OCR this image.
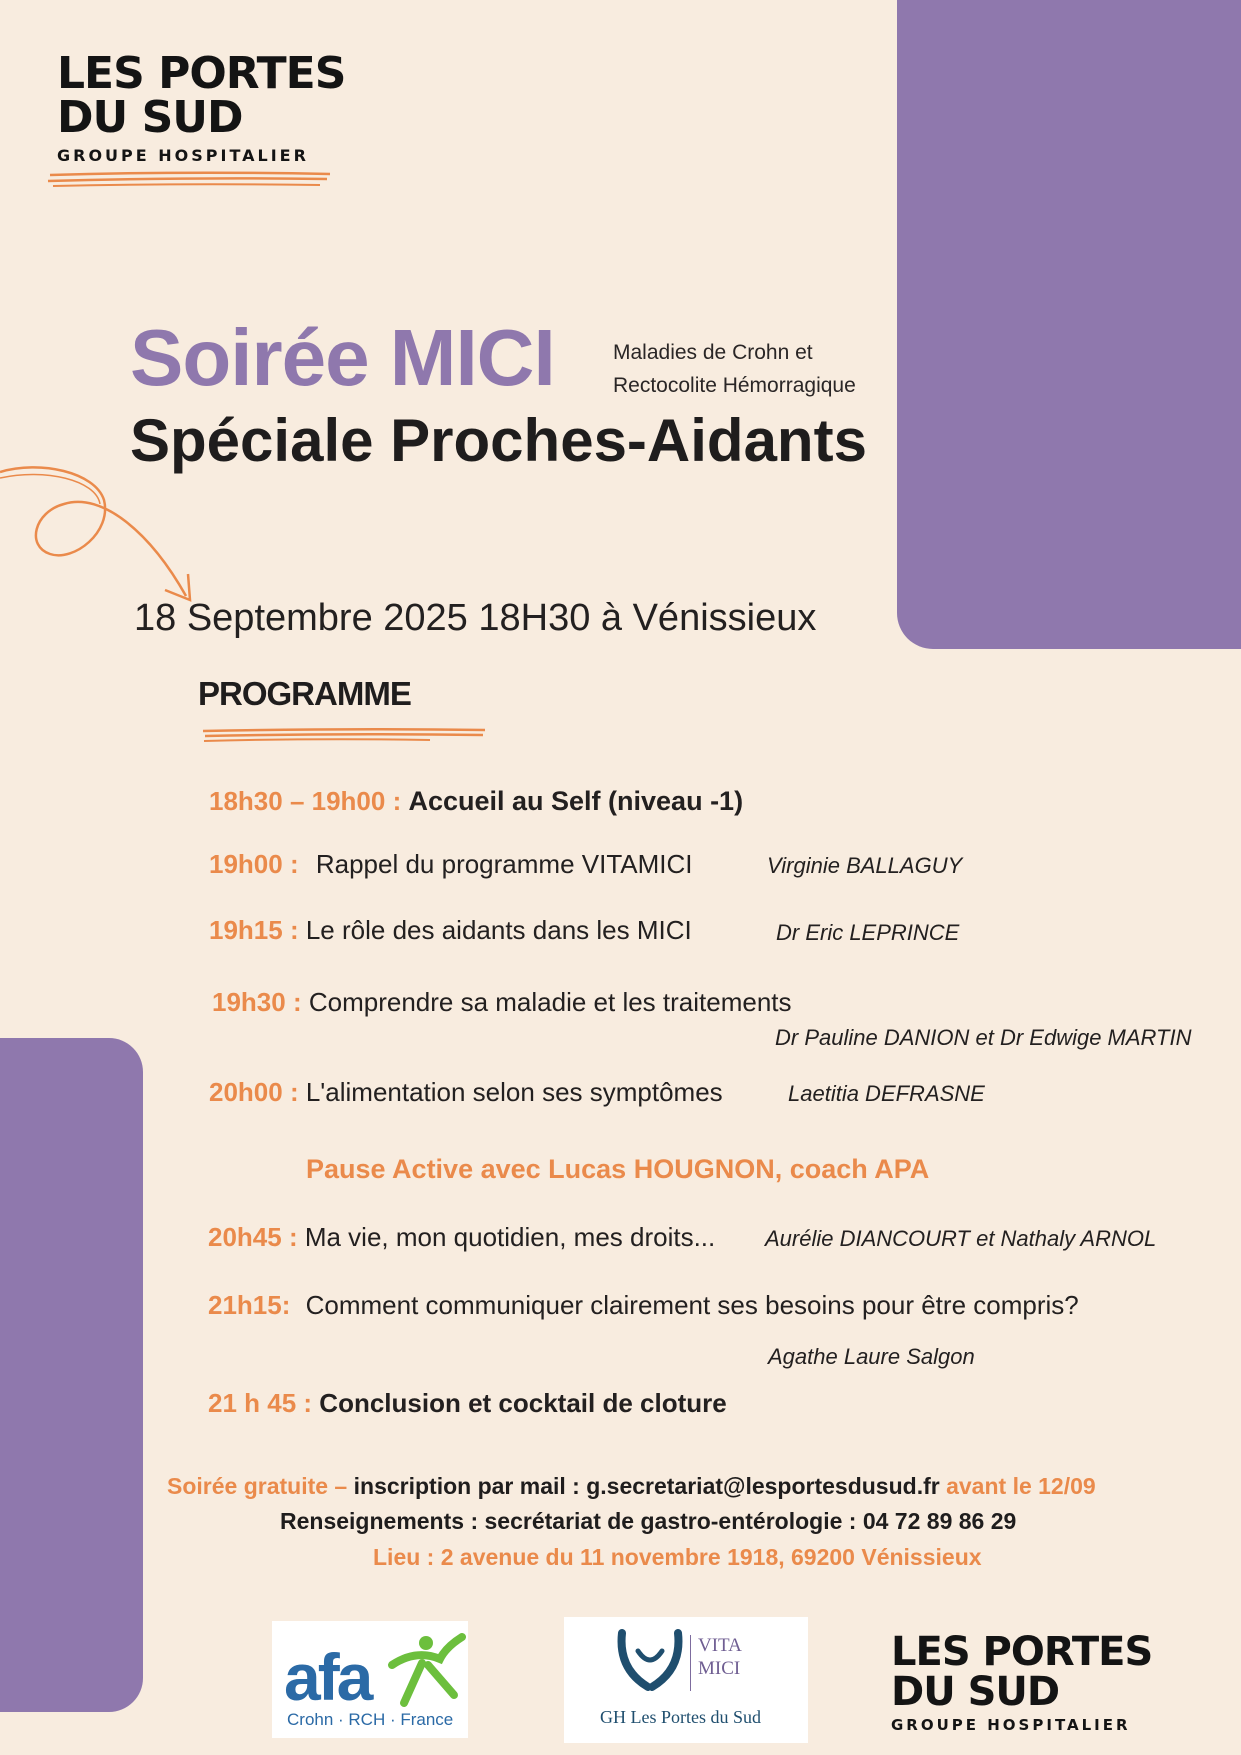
LES PORTES
DU SUD
GROUPE HOSPITALIER
Soirée MICI	Maladies de Crohn et
Rectocolite Hémorragique
Spéciale Proches-Aidants
18 Septembre 2025 18H30 à Vénissieux
PROGRAMME
18h30 – 19h00 : Accueil au Self (niveau -1)
19h00 : Rappel du programme VITAMICI	Virginie BALLAGUY
19h15 : Le rôle des aidants dans les MICI	Dr Eric LEPRINCE
19h30 : Comprendre sa maladie et les traitements
Dr Pauline DANION et Dr Edwige MARTIN
20h00 : L'alimentation selon ses symptômes	Laetitia DEFRASNE
Pause Active avec Lucas HOUGNON, coach APA
20h45 : Ma vie, mon quotidien, mes droits... Aurélie DIANCOURT et Nathaly ARNOL
21h15: Comment communiquer clairement ses besoins pour être compris?
Agathe Laure Salgon
21 h 45 : Conclusion et cocktail de cloture
Soirée gratuite – inscription par mail : g.secretariat@lesportesdusud.fr avant le 12/09
Renseignements : secrétariat de gastro-entérologie : 04 72 89 86 29
Lieu : 2 avenue du 11 novembre 1918, 69200 Vénissieux
afa
Crohn · RCH · France
VITA
MICI
GH Les Portes du Sud
LES PORTES
DU SUD
GROUPE HOSPITALIER
